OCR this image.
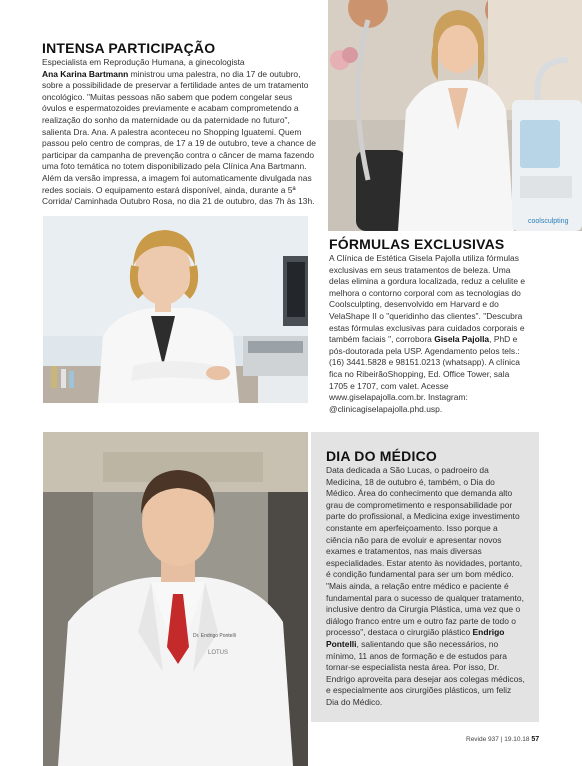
INTENSA PARTICIPAÇÃO

Especialista em Reprodução Humana, a ginecologista
Ana Karina Bartmann ministrou uma palestra, no dia 17 de outubro, sobre a possibilidade de preservar a fertilidade antes de um tratamento oncológico. "Muitas pessoas não sabem que podem congelar seus óvulos e espermatozoides previamente e acabam comprometendo a realização do sonho da maternidade ou da paternidade no futuro", salienta Dra. Ana. A palestra aconteceu no Shopping Iguatemi. Quem passou pelo centro de compras, de 17 a 19 de outubro, teve a chance de participar da campanha de prevenção contra o câncer de mama fazendo uma foto temática no totem disponibilizado pela Clínica Ana Bartmann. Além da versão impressa, a imagem foi automaticamente divulgada nas redes sociais. O equipamento estará disponível, ainda, durante a 5ª Corrida/ Caminhada Outubro Rosa, no dia 21 de outubro, das 7h às 13h.

coolsculpting
FÓRMULAS EXCLUSIVAS

A Clínica de Estética Gisela Pajolla utiliza fórmulas exclusivas em seus tratamentos de beleza. Uma delas elimina a gordura localizada, reduz a celulite e melhora o contorno corporal com as tecnologias do Coolsculpting, desenvolvido em Harvard e do VelaShape II o "queridinho das clientes". "Descubra estas fórmulas exclusivas para cuidados corporais e também faciais ", corrobora Gisela Pajolla, PhD e pós-doutorada pela USP. Agendamento pelos tels.: (16) 3441.5828 e 98151.0213 (whatsapp). A clínica fica no RibeirãoShopping, Ed. Office Tower, sala 1705 e 1707, com valet. Acesse www.giselapajolla.com.br. Instagram: @clinicagiselapajolla.phd.usp.

Dr. Endrigo Pontelli
LOTUS
DIA DO MÉDICO

Data dedicada a São Lucas, o padroeiro da Medicina, 18 de outubro é, também, o Dia do Médico. Área do conhecimento que demanda alto grau de comprometimento e responsabilidade por parte do profissional, a Medicina exige investimento constante em aperfeiçoamento. Isso porque a ciência não para de evoluir e apresentar novos exames e tratamentos, nas mais diversas especialidades. Estar atento às novidades, portanto, é condição fundamental para ser um bom médico. "Mais ainda, a relação entre médico e paciente é fundamental para o sucesso de qualquer tratamento, inclusive dentro da Cirurgia Plástica, uma vez que o diálogo franco entre um e outro faz parte de todo o processo", destaca o cirurgião plástico Endrigo Pontelli, salientando que são necessários, no mínimo, 11 anos de formação e de estudos para tornar-se especialista nesta área. Por isso, Dr. Endrigo aproveita para desejar aos colegas médicos, e especialmente aos cirurgiões plásticos, um feliz Dia do Médico.

Revide 937 | 19.10.18 57
